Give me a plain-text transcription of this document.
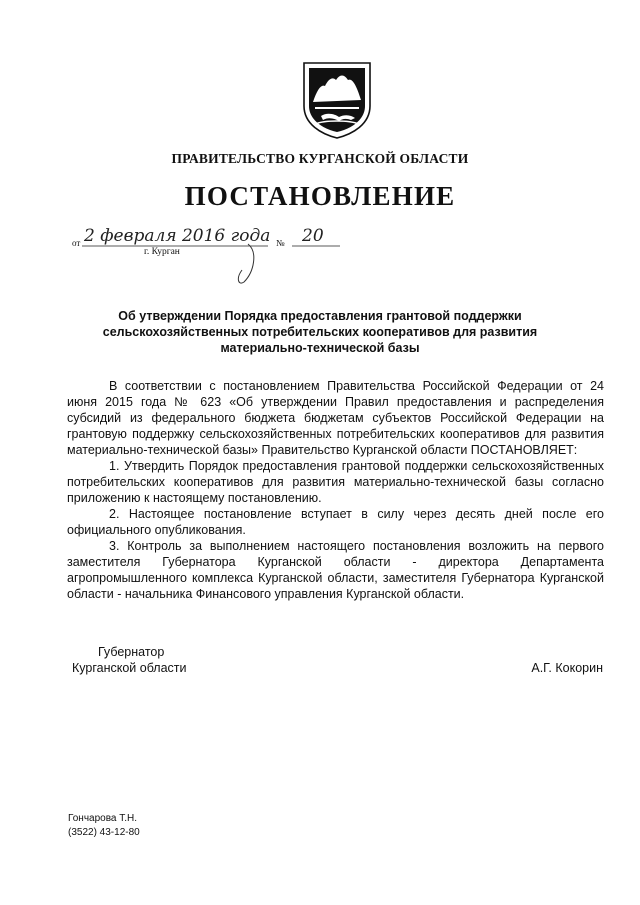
ПРАВИТЕЛЬСТВО КУРГАНСКОЙ ОБЛАСТИ
ПОСТАНОВЛЕНИЕ
от 2 февраля 2016 года № 20
г. Курган
Об утверждении Порядка предоставления грантовой поддержки
сельскохозяйственных потребительских кооперативов для развития
материально-технической базы

В соответствии с постановлением Правительства Российской Федерации от 24 июня 2015 года № 623 «Об утверждении Правил предоставления и распределения субсидий из федерального бюджета бюджетам субъектов Российской Федерации на грантовую поддержку сельскохозяйственных потребительских кооперативов для развития материально-технической базы» Правительство Курганской области ПОСТАНОВЛЯЕТ:

1. Утвердить Порядок предоставления грантовой поддержки сельскохозяйственных потребительских кооперативов для развития материально-технической базы согласно приложению к настоящему постановлению.

2. Настоящее постановление вступает в силу через десять дней после его официального опубликования.

3. Контроль за выполнением настоящего постановления возложить на первого заместителя Губернатора Курганской области - директора Департамента агропромышленного комплекса Курганской области, заместителя Губернатора Курганской области - начальника Финансового управления Курганской области.

Губернатор
Курганской области	А.Г. Кокорин
Гончарова Т.Н.
(3522) 43-12-80
